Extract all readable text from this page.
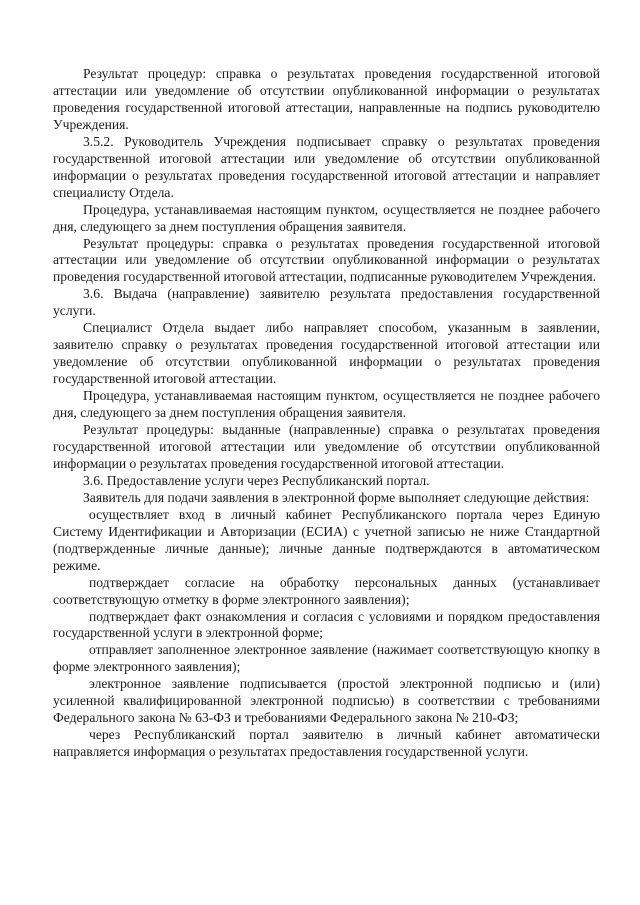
Результат процедур: справка о результатах проведения государственной итоговой аттестации или уведомление об отсутствии опубликованной информации о результатах проведения государственной итоговой аттестации, направленные на подпись руководителю Учреждения.

3.5.2. Руководитель Учреждения подписывает справку о результатах проведения государственной итоговой аттестации или уведомление об отсутствии опубликованной информации о результатах проведения государственной итоговой аттестации и направляет специалисту Отдела.

Процедура, устанавливаемая настоящим пунктом, осуществляется не позднее рабочего дня, следующего за днем поступления обращения заявителя.

Результат процедуры: справка о результатах проведения государственной итоговой аттестации или уведомление об отсутствии опубликованной информации о результатах проведения государственной итоговой аттестации, подписанные руководителем Учреждения.

3.6. Выдача (направление) заявителю результата предоставления государственной услуги.

Специалист Отдела выдает либо направляет способом, указанным в заявлении, заявителю справку о результатах проведения государственной итоговой аттестации или уведомление об отсутствии опубликованной информации о результатах проведения государственной итоговой аттестации.

Процедура, устанавливаемая настоящим пунктом, осуществляется не позднее рабочего дня, следующего за днем поступления обращения заявителя.

Результат процедуры: выданные (направленные) справка о результатах проведения государственной итоговой аттестации или уведомление об отсутствии опубликованной информации о результатах проведения государственной итоговой аттестации.

3.6. Предоставление услуги через Республиканский портал.

Заявитель для подачи заявления в электронной форме выполняет следующие действия:

осуществляет вход в личный кабинет Республиканского портала через Единую Систему Идентификации и Авторизации (ЕСИА) с учетной записью не ниже Стандартной (подтвержденные личные данные); личные данные подтверждаются в автоматическом режиме.

подтверждает согласие на обработку персональных данных (устанавливает соответствующую отметку в форме электронного заявления);

подтверждает факт ознакомления и согласия с условиями и порядком предоставления государственной услуги в электронной форме;

отправляет заполненное электронное заявление (нажимает соответствующую кнопку в форме электронного заявления);

электронное заявление подписывается (простой электронной подписью и (или) усиленной квалифицированной электронной подписью) в соответствии с требованиями Федерального закона № 63-ФЗ и требованиями Федерального закона № 210-ФЗ;

через Республиканский портал заявителю в личный кабинет автоматически направляется информация о результатах предоставления государственной услуги.
